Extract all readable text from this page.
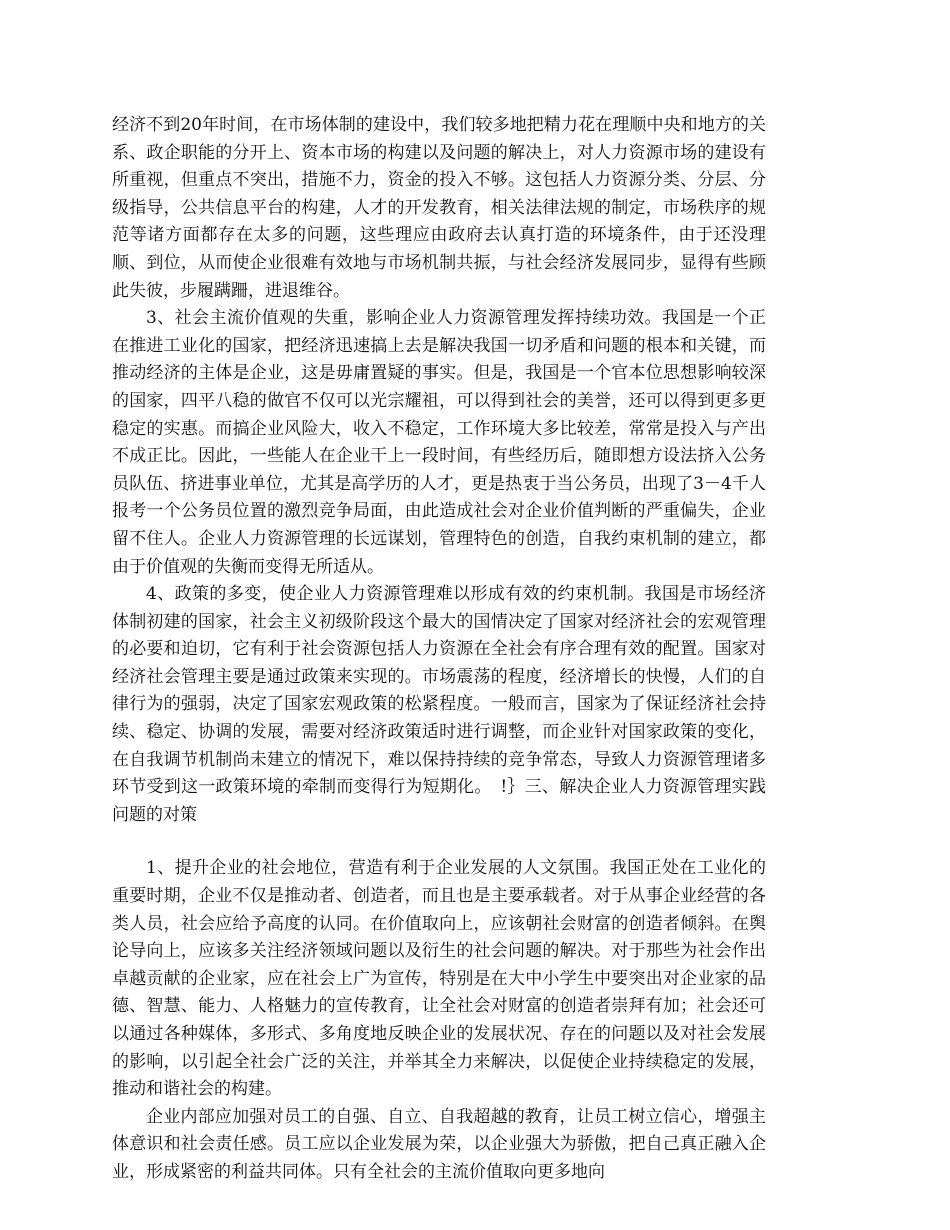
经济不到20年时间，在市场体制的建设中，我们较多地把精力花在理顺中央和地方的关系、政企职能的分开上、资本市场的构建以及问题的解决上，对人力资源市场的建设有所重视，但重点不突出，措施不力，资金的投入不够。这包括人力资源分类、分层、分级指导，公共信息平台的构建，人才的开发教育，相关法律法规的制定，市场秩序的规范等诸方面都存在太多的问题，这些理应由政府去认真打造的环境条件，由于还没理顺、到位，从而使企业很难有效地与市场机制共振，与社会经济发展同步，显得有些顾此失彼，步履蹒跚，进退维谷。

3、社会主流价值观的失重，影响企业人力资源管理发挥持续功效。我国是一个正在推进工业化的国家，把经济迅速搞上去是解决我国一切矛盾和问题的根本和关键，而推动经济的主体是企业，这是毋庸置疑的事实。但是，我国是一个官本位思想影响较深的国家，四平八稳的做官不仅可以光宗耀祖，可以得到社会的美誉，还可以得到更多更稳定的实惠。而搞企业风险大，收入不稳定，工作环境大多比较差，常常是投入与产出不成正比。因此，一些能人在企业干上一段时间，有些经历后，随即想方设法挤入公务员队伍、挤进事业单位，尤其是高学历的人才，更是热衷于当公务员，出现了3－4千人报考一个公务员位置的激烈竞争局面，由此造成社会对企业价值判断的严重偏失，企业留不住人。企业人力资源管理的长远谋划，管理特色的创造，自我约束机制的建立，都由于价值观的失衡而变得无所适从。

4、政策的多变，使企业人力资源管理难以形成有效的约束机制。我国是市场经济体制初建的国家，社会主义初级阶段这个最大的国情决定了国家对经济社会的宏观管理的必要和迫切，它有利于社会资源包括人力资源在全社会有序合理有效的配置。国家对经济社会管理主要是通过政策来实现的。市场震荡的程度，经济增长的快慢，人们的自律行为的强弱，决定了国家宏观政策的松紧程度。一般而言，国家为了保证经济社会持续、稳定、协调的发展，需要对经济政策适时进行调整，而企业针对国家政策的变化，在自我调节机制尚未建立的情况下，难以保持持续的竞争常态，导致人力资源管理诸多环节受到这一政策环境的牵制而变得行为短期化。　!｝三、解决企业人力资源管理实践问题的对策

1、提升企业的社会地位，营造有利于企业发展的人文氛围。我国正处在工业化的重要时期，企业不仅是推动者、创造者，而且也是主要承载者。对于从事企业经营的各类人员，社会应给予高度的认同。在价值取向上，应该朝社会财富的创造者倾斜。在舆论导向上，应该多关注经济领域问题以及衍生的社会问题的解决。对于那些为社会作出卓越贡献的企业家，应在社会上广为宣传，特别是在大中小学生中要突出对企业家的品德、智慧、能力、人格魅力的宣传教育，让全社会对财富的创造者崇拜有加；社会还可以通过各种媒体，多形式、多角度地反映企业的发展状况、存在的问题以及对社会发展的影响，以引起全社会广泛的关注，并举其全力来解决，以促使企业持续稳定的发展，推动和谐社会的构建。

企业内部应加强对员工的自强、自立、自我超越的教育，让员工树立信心，增强主体意识和社会责任感。员工应以企业发展为荣，以企业强大为骄傲，把自己真正融入企业，形成紧密的利益共同体。只有全社会的主流价值取向更多地向
